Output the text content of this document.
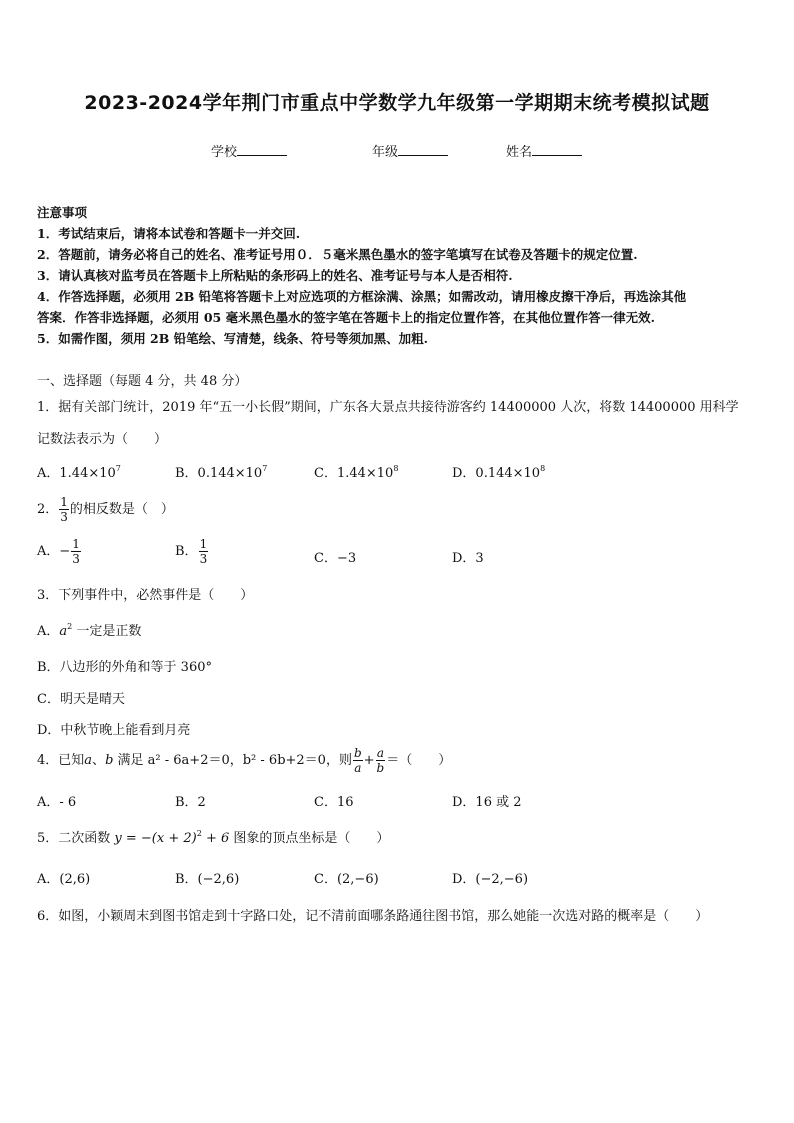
2023-2024学年荆门市重点中学数学九年级第一学期期末统考模拟试题
学校	年级	姓名
注意事项
1．考试结束后，请将本试卷和答题卡一并交回.
2．答题前，请务必将自己的姓名、准考证号用０．５毫米黑色墨水的签字笔填写在试卷及答题卡的规定位置.
3．请认真核对监考员在答题卡上所粘贴的条形码上的姓名、准考证号与本人是否相符.
4．作答选择题，必须用 2B 铅笔将答题卡上对应选项的方框涂满、涂黑；如需改动，请用橡皮擦干净后，再选涂其他
答案．作答非选择题，必须用 05 毫米黑色墨水的签字笔在答题卡上的指定位置作答，在其他位置作答一律无效.
5．如需作图，须用 2B 铅笔绘、写清楚，线条、符号等须加黑、加粗.
一、选择题（每题 4 分，共 48 分）
1．据有关部门统计，2019 年“五一小长假”期间，广东各大景点共接待游客约 14400000 人次，将数 14400000 用科学
记数法表示为（　　）
A．$1.44\times 10^7$	B．$0.144\times 10^7$	C．$1.44\times 10^8$	D．$0.144\times 10^8$
2． $\frac{1}{3}$ 的相反数是（　）
A．− $\frac{1}{3}$	B． $\frac{1}{3}$	C．−3	D．3
3．下列事件中，必然事件是（　　）
A．$a^2$ 一定是正数
B．八边形的外角和等于 360°
C．明天是晴天
D．中秋节晚上能看到月亮
4．已知a、b 满足 a² - 6a+2＝0，b² - 6b+2＝0，则 $\frac{b}{a} + \frac{a}{b}$ ＝（　　）
A．- 6	B．2	C．16	D．16 或 2
5．二次函数 $y = -(x + 2)^2 + 6$ 图象的顶点坐标是（　　）
A．(2,6)	B．(−2,6)	C．(2,−6)	D．(−2,−6)
6．如图，小颖周末到图书馆走到十字路口处，记不清前面哪条路通往图书馆，那么她能一次选对路的概率是（　　）
